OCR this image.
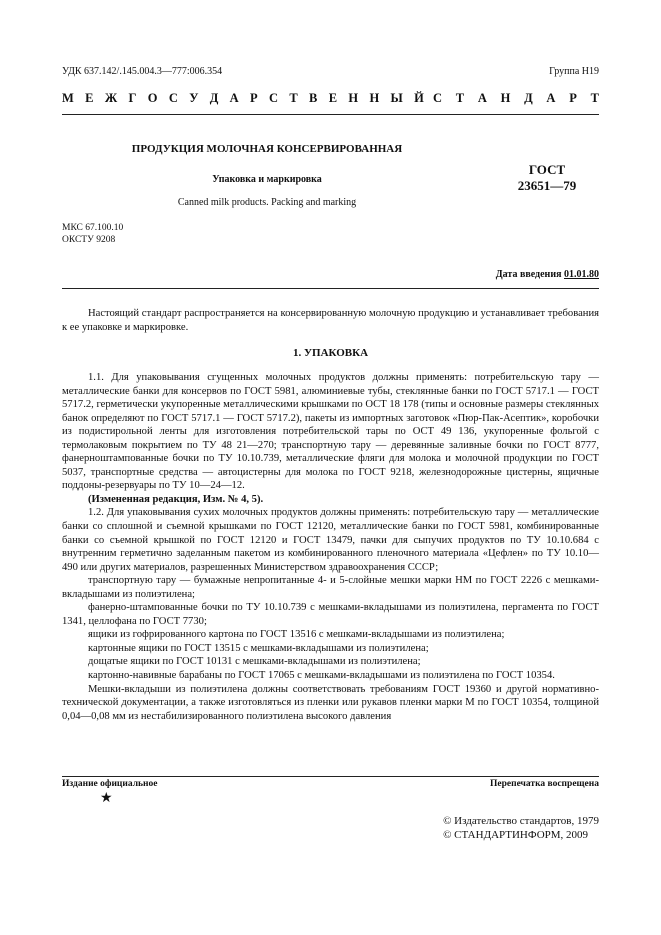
УДК 637.142/.145.004.3—777:006.354	Группа Н19
М Е Ж Г О С У Д А Р С Т В Е Н Н Ы Й С Т А Н Д А Р Т
ПРОДУКЦИЯ МОЛОЧНАЯ КОНСЕРВИРОВАННАЯ
Упаковка и маркировка
Canned milk products. Packing and marking
ГОСТ
23651—79
МКС 67.100.10
ОКСТУ 9208
Дата введения 01.01.80

Настоящий стандарт распространяется на консервированную молочную продукцию и устанавливает требования к ее упаковке и маркировке.

1. УПАКОВКА

1.1. Для упаковывания сгущенных молочных продуктов должны применять: потребительскую тару — металлические банки для консервов по ГОСТ 5981, алюминиевые тубы, стеклянные банки по ГОСТ 5717.1 — ГОСТ 5717.2, герметически укупоренные металлическими крышками по ОСТ 18 178 (типы и основные размеры стеклянных банок определяют по ГОСТ 5717.1 — ГОСТ 5717.2), пакеты из импортных заготовок «Пюр-Пак-Асептик», коробочки из подистирольной ленты для изготовления потребительской тары по ОСТ 49 136, укупоренные фольгой с термолаковым покрытием по ТУ 48 21—270; транспортную тару — деревянные заливные бочки по ГОСТ 8777, фанерноштампованные бочки по ТУ 10.10.739, металлические фляги для молока и молочной продукции по ГОСТ 5037, транспортные средства — автоцистерны для молока по ГОСТ 9218, железнодорожные цистерны, ящичные поддоны-резервуары по ТУ 10—24—12.

(Измененная редакция, Изм. № 4, 5).

1.2. Для упаковывания сухих молочных продуктов должны применять: потребительскую тару — металлические банки со сплошной и съемной крышками по ГОСТ 12120, металлические банки по ГОСТ 5981, комбинированные банки со съемной крышкой по ГОСТ 12120 и ГОСТ 13479, пачки для сыпучих продуктов по ТУ 10.10.684 с внутренним герметично заделанным пакетом из комбинированного пленочного материала «Цефлен» по ТУ 10.10—490 или других материалов, разрешенных Министерством здравоохранения СССР;

транспортную тару — бумажные непропитанные 4- и 5-слойные мешки марки НМ по ГОСТ 2226 с мешками-вкладышами из полиэтилена;

фанерно-штампованные бочки по ТУ 10.10.739 с мешками-вкладышами из полиэтилена, пергамента по ГОСТ 1341, целлофана по ГОСТ 7730;

ящики из гофрированного картона по ГОСТ 13516 с мешками-вкладышами из полиэтилена;

картонные ящики по ГОСТ 13515 с мешками-вкладышами из полиэтилена;

дощатые ящики по ГОСТ 10131 с мешками-вкладышами из полиэтилена;

картонно-навивные барабаны по ГОСТ 17065 с мешками-вкладышами из полиэтилена по ГОСТ 10354.

Мешки-вкладыши из полиэтилена должны соответствовать требованиям ГОСТ 19360 и другой нормативно-технической документации, а также изготовляться из пленки или рукавов пленки марки М по ГОСТ 10354, толщиной 0,04—0,08 мм из нестабилизированного полиэтилена высокого давления

Издание официальное
★
Перепечатка воспрещена
© Издательство стандартов, 1979
© СТАНДАРТИНФОРМ, 2009
